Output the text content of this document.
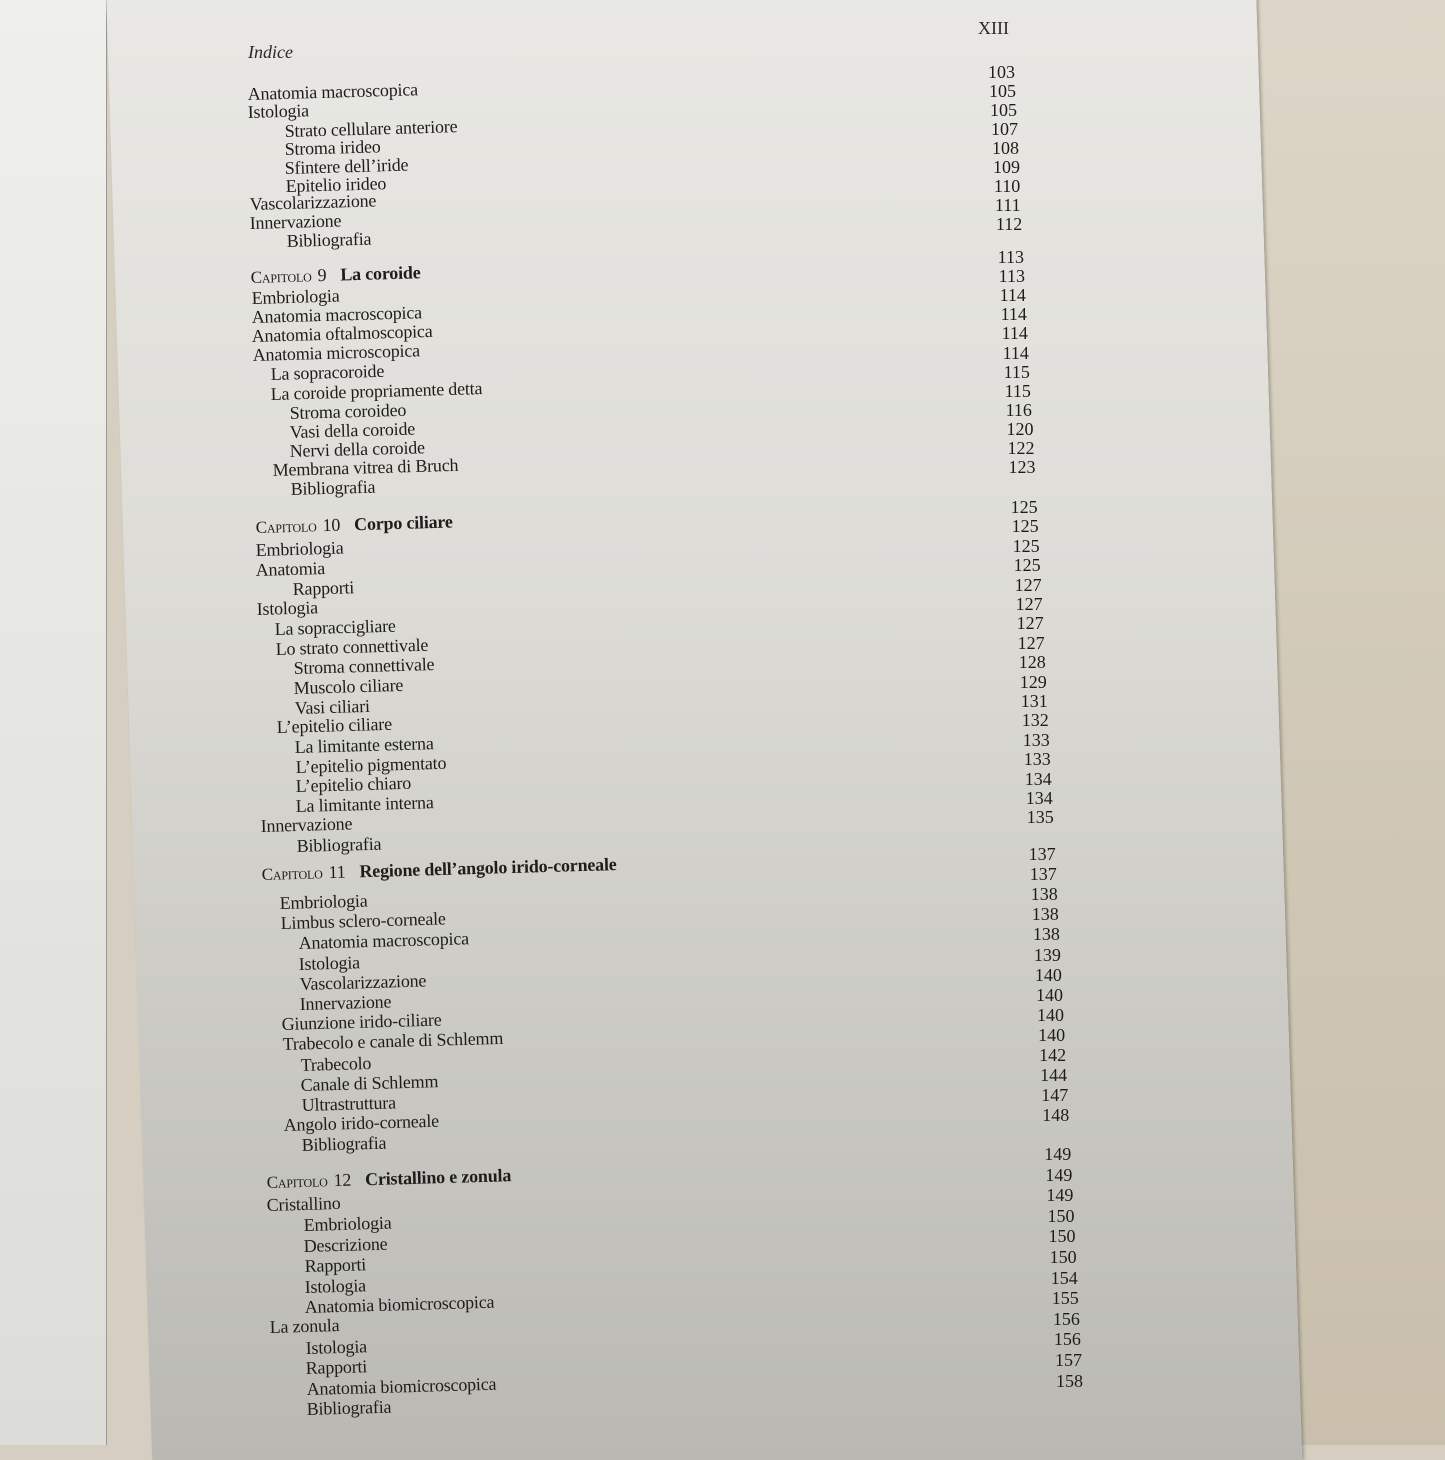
XIII
Indice
Anatomia macroscopica
Istologia
Strato cellulare anteriore
Stroma irideo
Sfintere dell’iride
Epitelio irideo
Vascolarizzazione
Innervazione
Bibliografia
103
105
105
107
108
109
110
111
112
Capitolo 9 La coroide
Embriologia
Anatomia macroscopica
Anatomia oftalmoscopica
Anatomia microscopica
La sopracoroide
La coroide propriamente detta
Stroma coroideo
Vasi della coroide
Nervi della coroide
Membrana vitrea di Bruch
Bibliografia
113
113
114
114
114
114
115
115
116
120
122
123
Capitolo 10 Corpo ciliare
Embriologia
Anatomia
Rapporti
Istologia
La sopraccigliare
Lo strato connettivale
Stroma connettivale
Muscolo ciliare
Vasi ciliari
L’epitelio ciliare
La limitante esterna
L’epitelio pigmentato
L’epitelio chiaro
La limitante interna
Innervazione
Bibliografia
125
125
125
125
127
127
127
127
128
129
131
132
133
133
134
134
135
Capitolo 11 Regione dell’angolo irido-corneale
Embriologia
Limbus sclero-corneale
Anatomia macroscopica
Istologia
Vascolarizzazione
Innervazione
Giunzione irido-ciliare
Trabecolo e canale di Schlemm
Trabecolo
Canale di Schlemm
Ultrastruttura
Angolo irido-corneale
Bibliografia
137
137
138
138
138
139
140
140
140
140
142
144
147
148
Capitolo 12 Cristallino e zonula
Cristallino
Embriologia
Descrizione
Rapporti
Istologia
Anatomia biomicroscopica
La zonula
Istologia
Rapporti
Anatomia biomicroscopica
Bibliografia
149
149
149
150
150
150
154
155
156
156
157
158
